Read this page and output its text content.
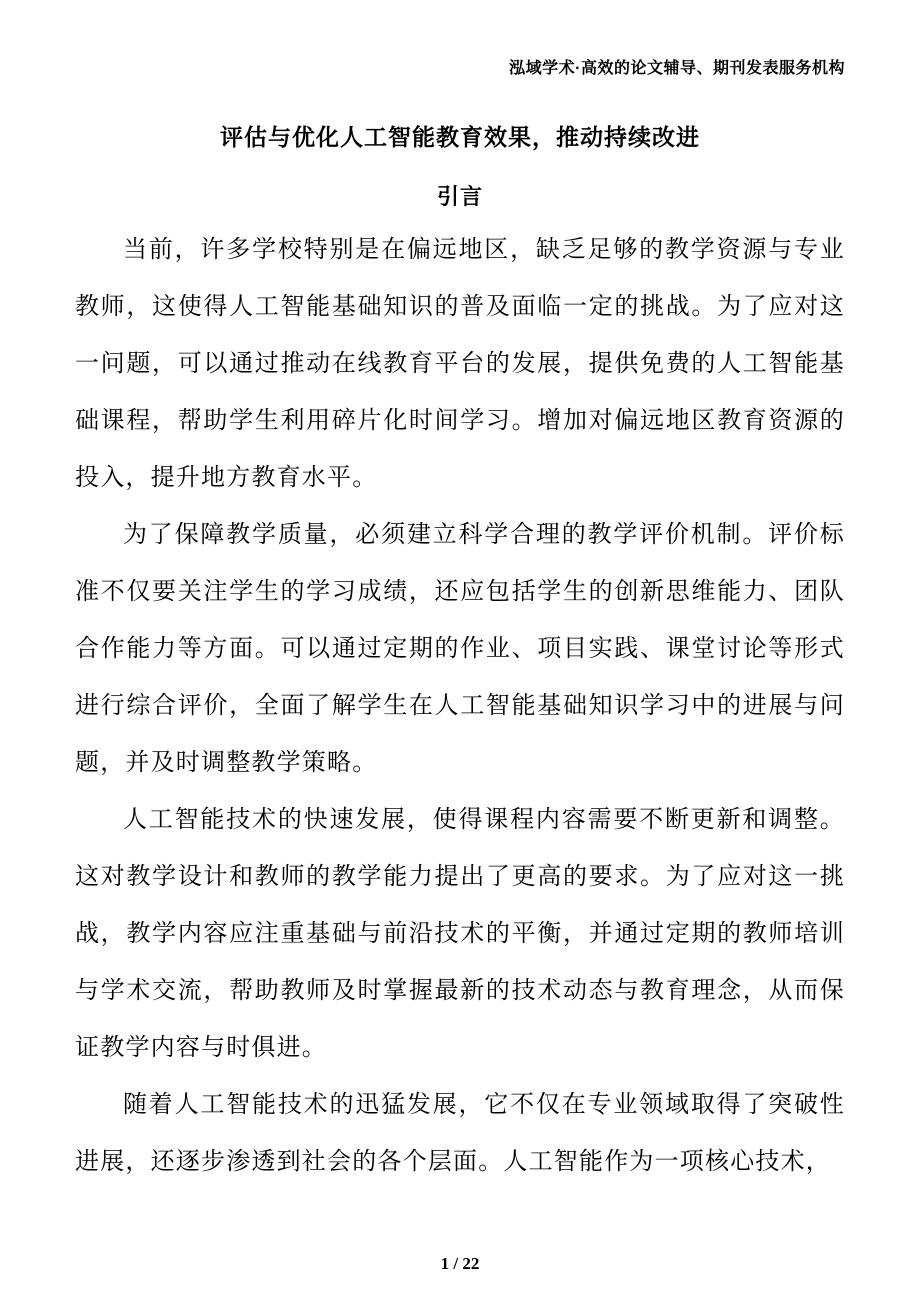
泓域学术·高效的论文辅导、期刊发表服务机构
评估与优化人工智能教育效果，推动持续改进
引言

当前，许多学校特别是在偏远地区，缺乏足够的教学资源与专业教师，这使得人工智能基础知识的普及面临一定的挑战。为了应对这一问题，可以通过推动在线教育平台的发展，提供免费的人工智能基础课程，帮助学生利用碎片化时间学习。增加对偏远地区教育资源的投入，提升地方教育水平。

为了保障教学质量，必须建立科学合理的教学评价机制。评价标准不仅要关注学生的学习成绩，还应包括学生的创新思维能力、团队合作能力等方面。可以通过定期的作业、项目实践、课堂讨论等形式进行综合评价，全面了解学生在人工智能基础知识学习中的进展与问题，并及时调整教学策略。

人工智能技术的快速发展，使得课程内容需要不断更新和调整。这对教学设计和教师的教学能力提出了更高的要求。为了应对这一挑战，教学内容应注重基础与前沿技术的平衡，并通过定期的教师培训与学术交流，帮助教师及时掌握最新的技术动态与教育理念，从而保证教学内容与时俱进。

随着人工智能技术的迅猛发展，它不仅在专业领域取得了突破性进展，还逐步渗透到社会的各个层面。人工智能作为一项核心技术，

1 / 22
